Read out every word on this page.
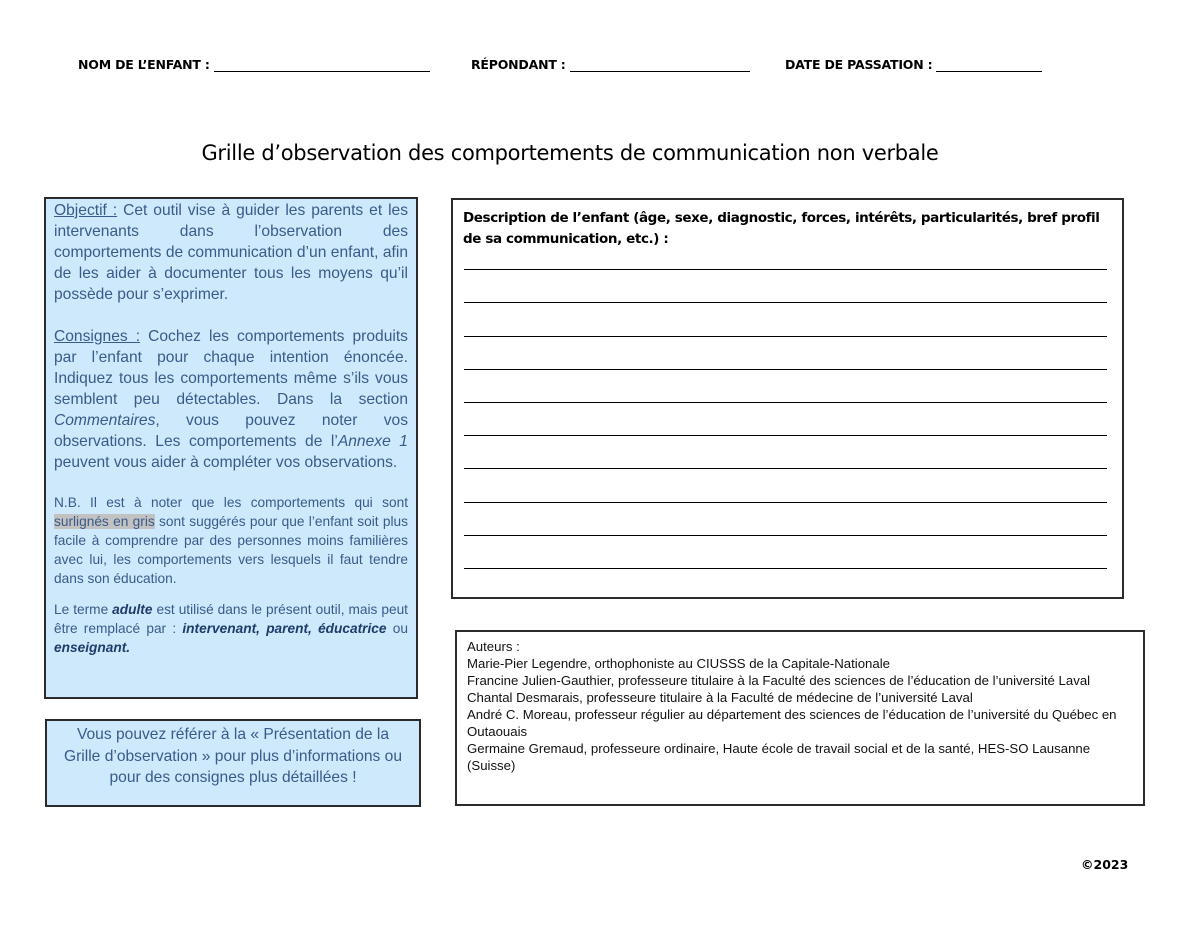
NOM DE L’ENFANT :	RÉPONDANT :	DATE DE PASSATION :
Grille d’observation des comportements de communication non verbale

Objectif : Cet outil vise à guider les parents et les intervenants dans l’observation des comportements de communication d’un enfant, afin de les aider à documenter tous les moyens qu’il possède pour s’exprimer.

Consignes : Cochez les comportements produits par l’enfant pour chaque intention énoncée. Indiquez tous les comportements même s’ils vous semblent peu détectables. Dans la section Commentaires, vous pouvez noter vos observations. Les comportements de l’Annexe 1 peuvent vous aider à compléter vos observations.

N.B. Il est à noter que les comportements qui sont surlignés en gris sont suggérés pour que l’enfant soit plus facile à comprendre par des personnes moins familières avec lui, les comportements vers lesquels il faut tendre dans son éducation.

Le terme adulte est utilisé dans le présent outil, mais peut être remplacé par : intervenant, parent, éducatrice ou enseignant.

Vous pouvez référer à la « Présentation de la Grille d’observation » pour plus d’informations ou pour des consignes plus détaillées !
Description de l’enfant (âge, sexe, diagnostic, forces, intérêts, particularités, bref profil de sa communication, etc.) :
Auteurs :
Marie-Pier Legendre, orthophoniste au CIUSSS de la Capitale-Nationale
Francine Julien-Gauthier, professeure titulaire à la Faculté des sciences de l’éducation de l’université Laval
Chantal Desmarais, professeure titulaire à la Faculté de médecine de l’université Laval
André C. Moreau, professeur régulier au département des sciences de l’éducation de l’université du Québec en Outaouais
Germaine Gremaud, professeure ordinaire, Haute école de travail social et de la santé, HES-SO Lausanne (Suisse)
©2023
